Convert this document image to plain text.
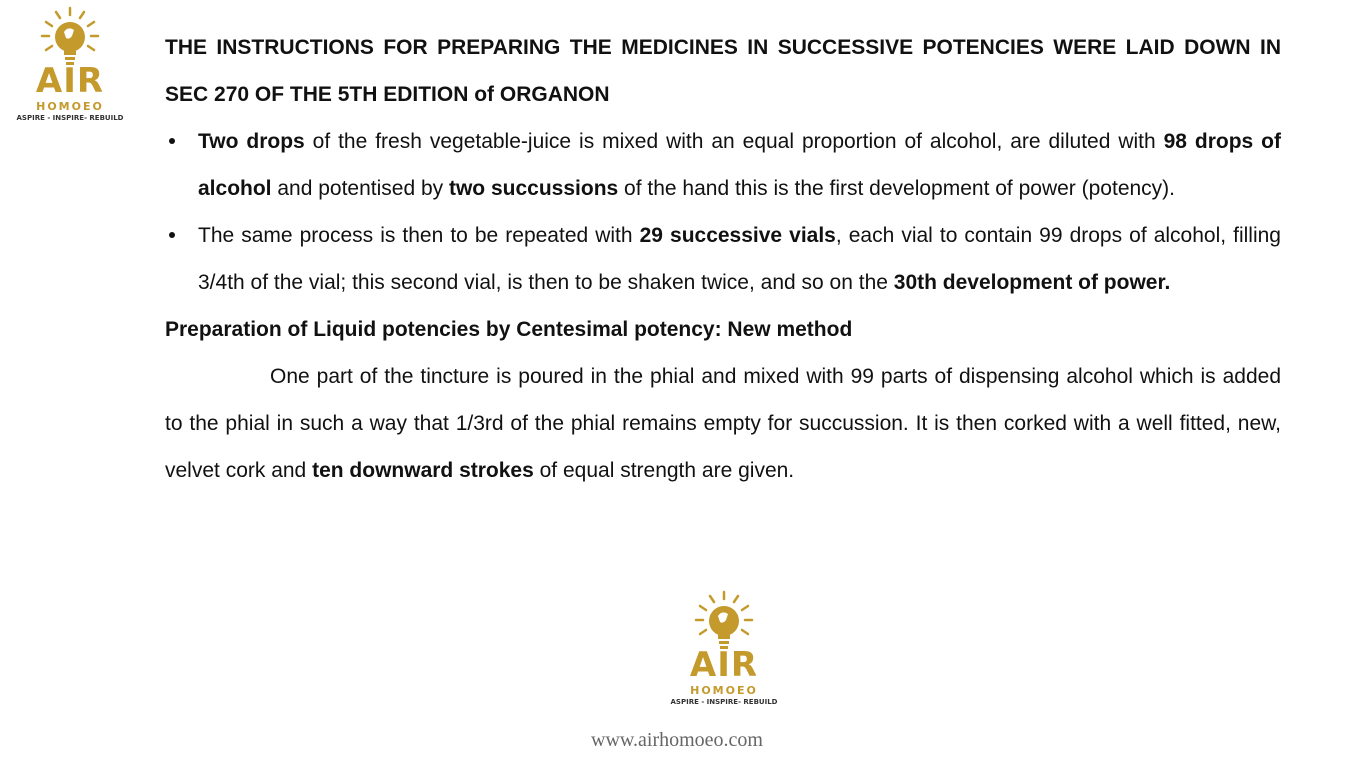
AIR
HOMOEO
ASPIRE - INSPIRE- REBUILD

THE INSTRUCTIONS FOR PREPARING THE MEDICINES IN SUCCESSIVE POTENCIES WERE LAID DOWN IN SEC 270 OF THE 5TH EDITION of ORGANON

Two drops of the fresh vegetable-juice is mixed with an equal proportion of alcohol, are diluted with 98 drops of alcohol and potentised by two succussions of the hand this is the first development of power (potency).
The same process is then to be repeated with 29 successive vials, each vial to contain 99 drops of alcohol, filling 3/4th of the vial; this second vial, is then to be shaken twice, and so on the 30th development of power.

Preparation of Liquid potencies by Centesimal potency: New method

One part of the tincture is poured in the phial and mixed with 99 parts of dispensing alcohol which is added to the phial in such a way that 1/3rd of the phial remains empty for succussion. It is then corked with a well fitted, new, velvet cork and ten downward strokes of equal strength are given.

AIR
HOMOEO
ASPIRE - INSPIRE- REBUILD
www.airhomoeo.com
